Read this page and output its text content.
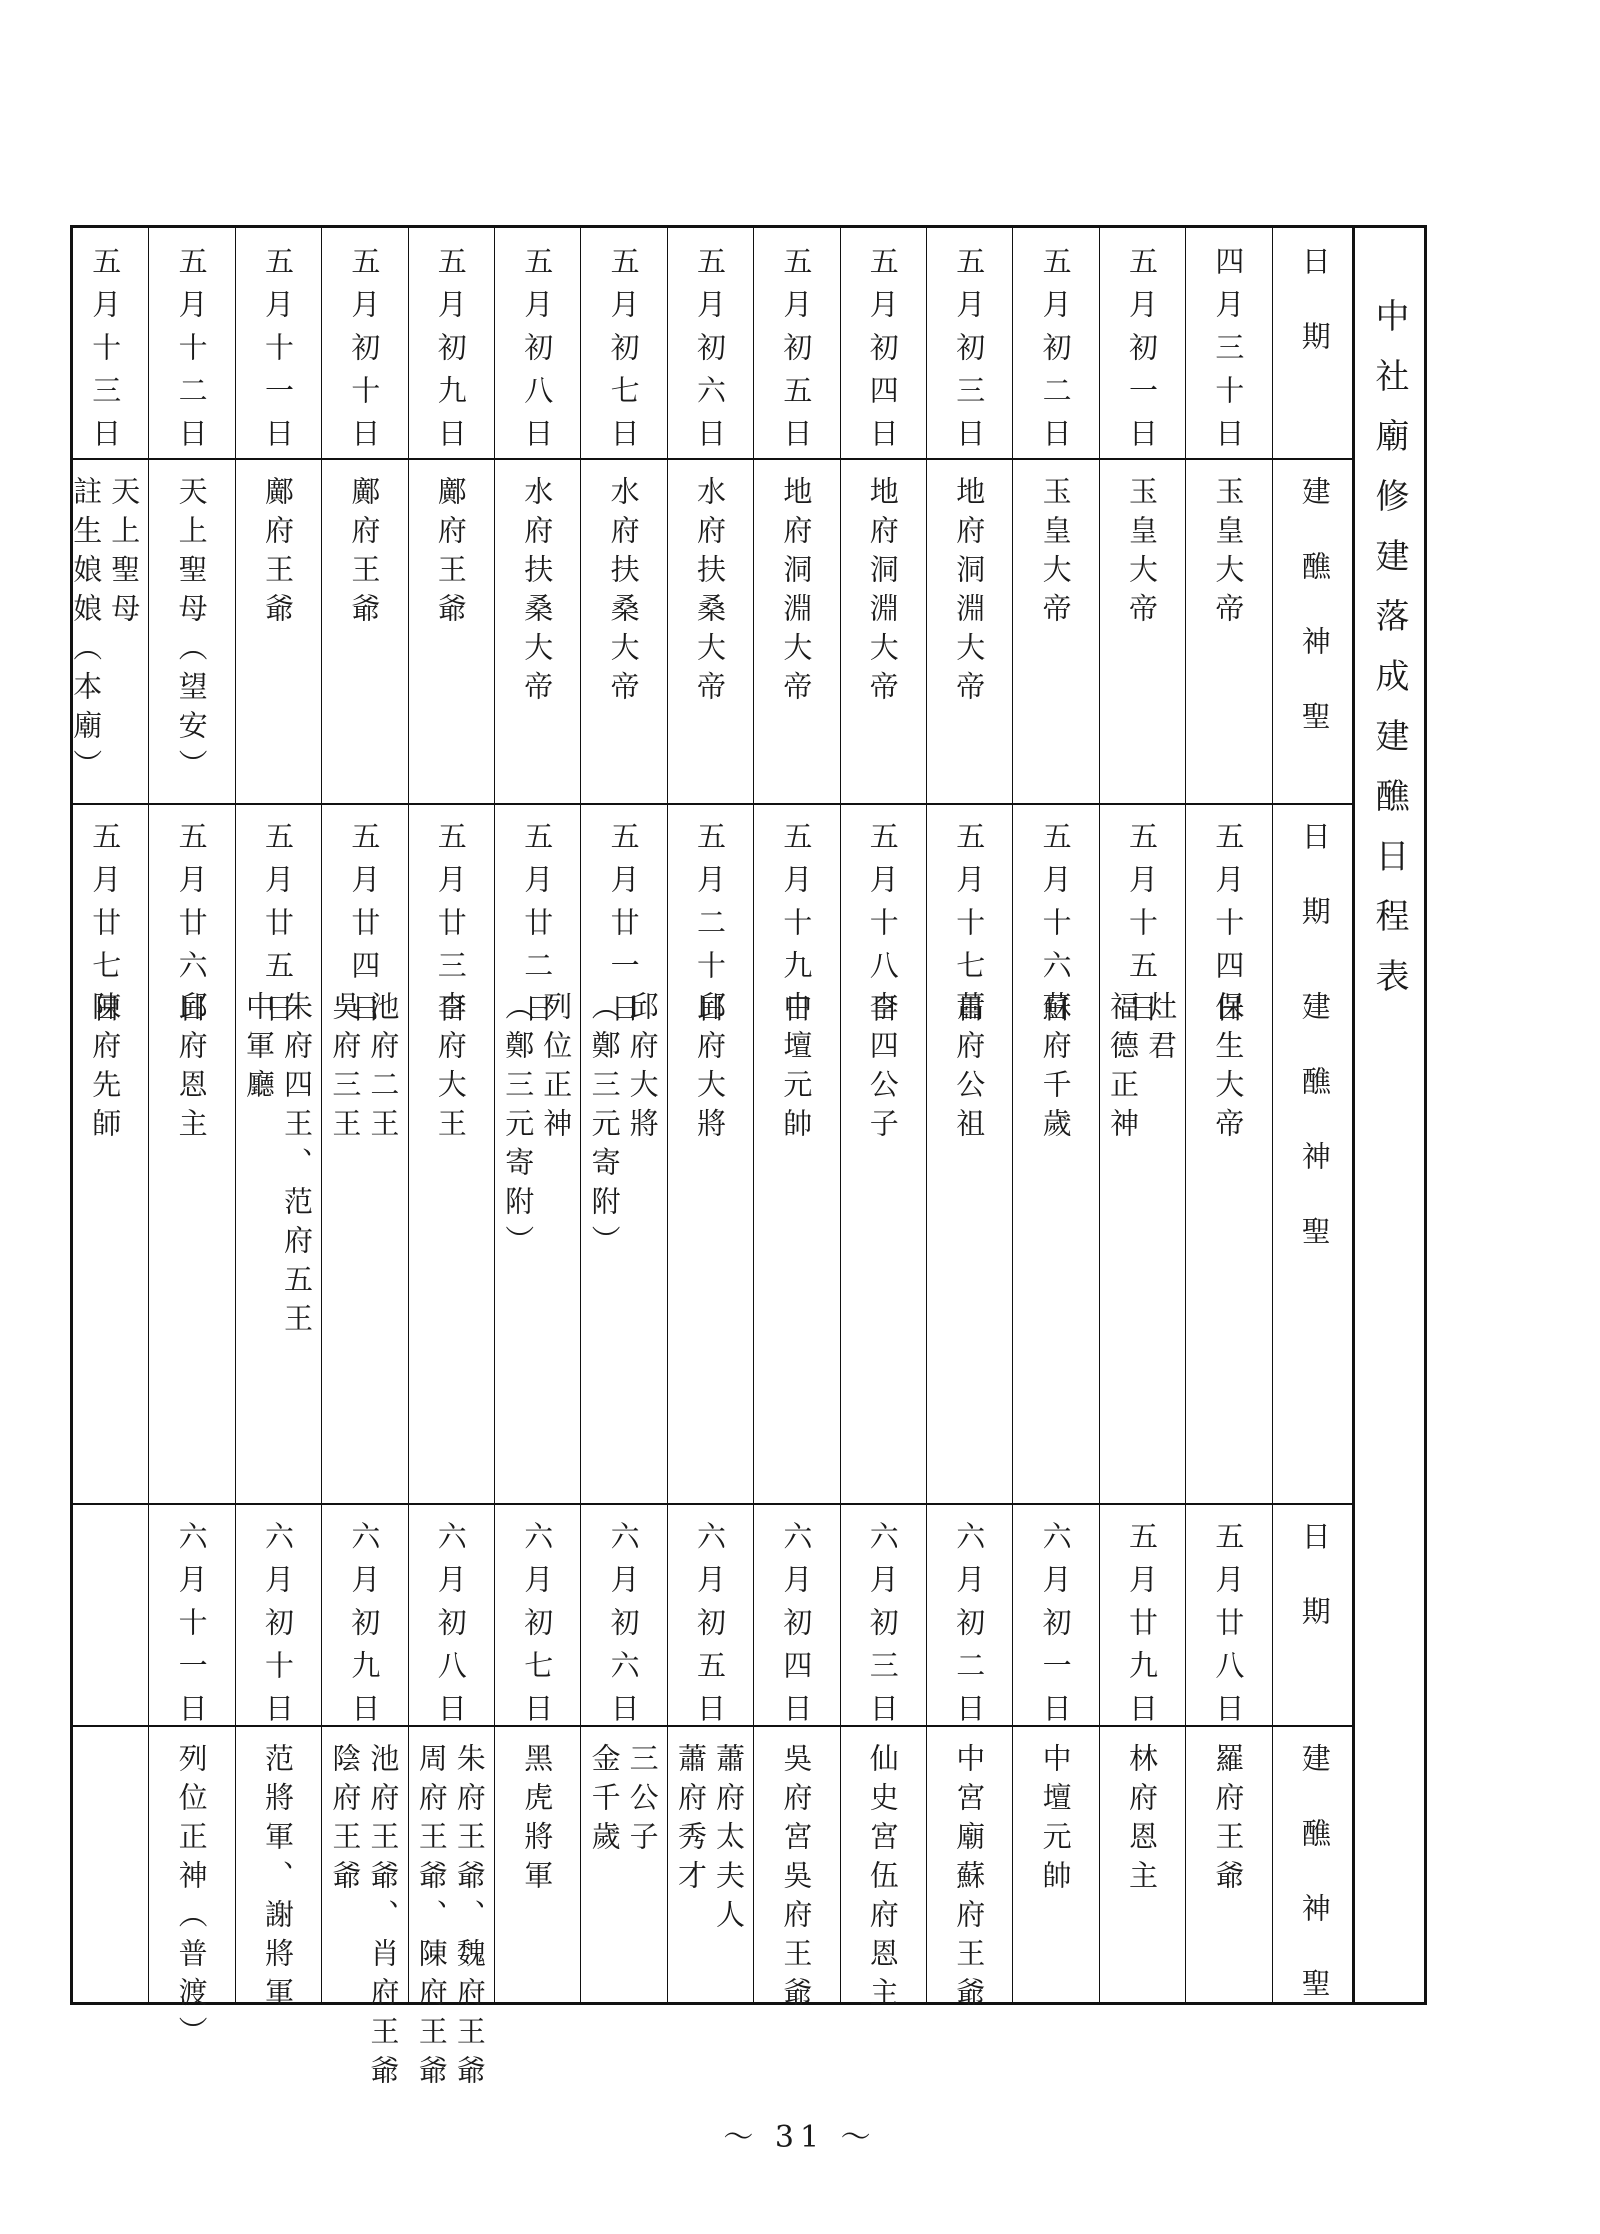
日期
建醮神聖
日期
建醮神聖
日期
建醮神聖
四月三十日
玉皇大帝
五月十四日
保生大帝
五月廿八日
羅府王爺
五月初一日
玉皇大帝
五月十五日
灶君
福德正神
五月廿九日
林府恩主
五月初二日
玉皇大帝
五月十六日
蘇府千歲
六月初一日
中壇元帥
五月初三日
地府洞淵大帝
五月十七日
蕭府公祖
六月初二日
中宮廟蘇府王爺
五月初四日
地府洞淵大帝
五月十八日
李四公子
六月初三日
仙史宮伍府恩主
五月初五日
地府洞淵大帝
五月十九日
中壇元帥
六月初四日
吳府宮吳府王爺
五月初六日
水府扶桑大帝
五月二十日
邱府大將
六月初五日
蕭府太夫人
蕭府秀才
五月初七日
水府扶桑大帝
五月廿一日
邱府大將
（鄭三元寄附）
六月初六日
三公子
金千歲
五月初八日
水府扶桑大帝
五月廿二日
列位正神
（鄭三元寄附）
六月初七日
黑虎將軍
五月初九日
鄺府王爺
五月廿三日
李府大王
六月初八日
朱府王爺、魏府王爺
周府王爺、陳府王爺
五月初十日
鄺府王爺
五月廿四日
池府二王
吳府三王
六月初九日
池府王爺、肖府王爺
陰府王爺
五月十一日
鄺府王爺
五月廿五日
朱府四王、范府五王
中軍廳
六月初十日
范將軍、謝將軍
五月十二日
天上聖母（望安）
五月廿六日
邱府恩主
六月十一日
列位正神（普渡）
五月十三日
天上聖母
註生娘娘（本廟）
五月廿七日
陳府先師
中社廟修建落成建醮日程表
～ 31 ～
